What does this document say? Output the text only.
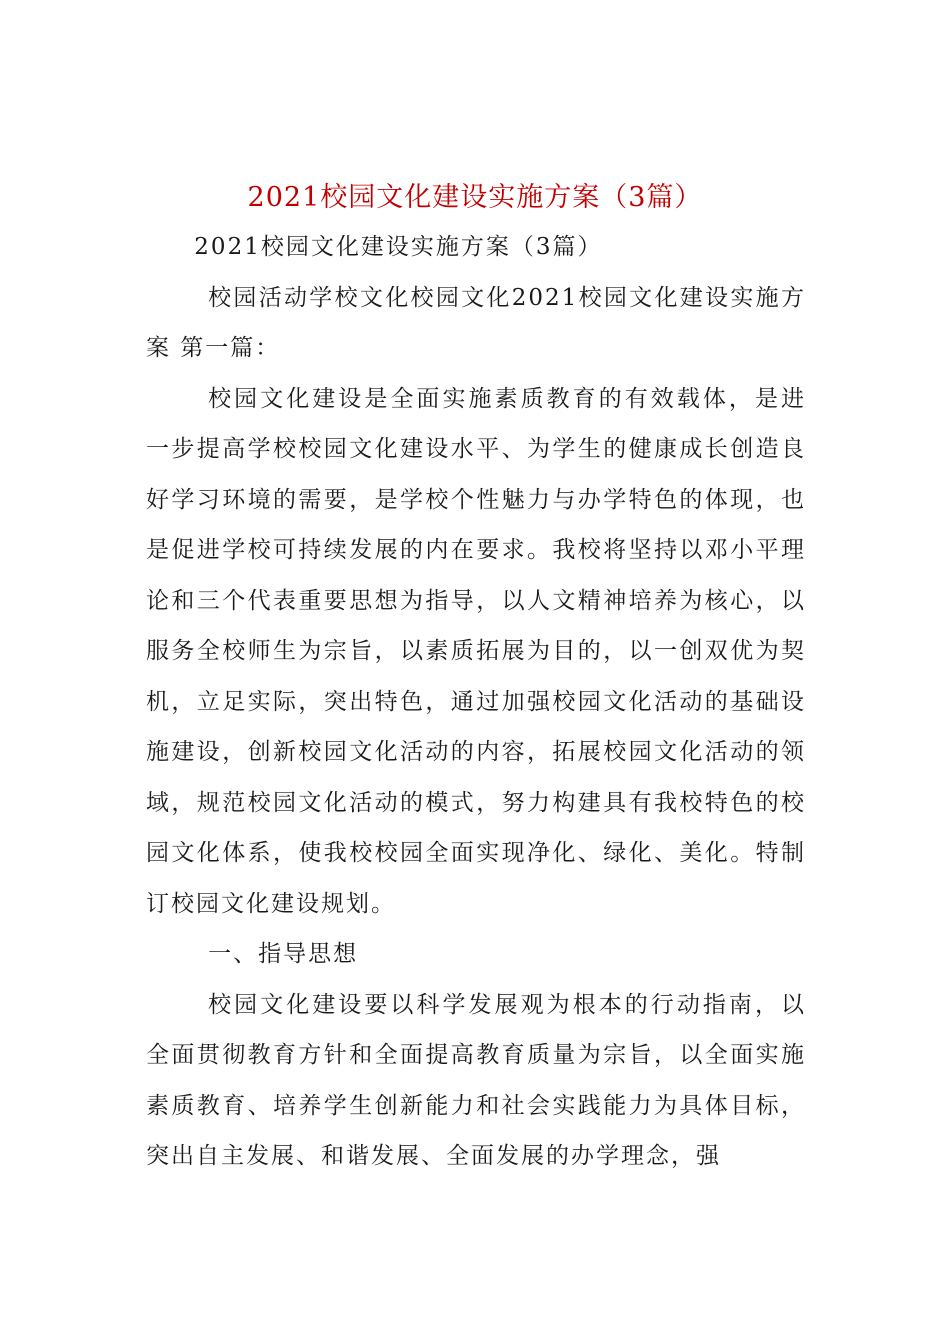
2021校园文化建设实施方案（3篇）

2021校园文化建设实施方案（3篇）

校园活动学校文化校园文化2021校园文化建设实施方案 第一篇：

校园文化建设是全面实施素质教育的有效载体，是进一步提高学校校园文化建设水平、为学生的健康成长创造良好学习环境的需要，是学校个性魅力与办学特色的体现，也是促进学校可持续发展的内在要求。我校将坚持以邓小平理论和三个代表重要思想为指导，以人文精神培养为核心，以服务全校师生为宗旨，以素质拓展为目的，以一创双优为契机，立足实际，突出特色，通过加强校园文化活动的基础设施建设，创新校园文化活动的内容，拓展校园文化活动的领域，规范校园文化活动的模式，努力构建具有我校特色的校园文化体系，使我校校园全面实现净化、绿化、美化。特制订校园文化建设规划。

一、指导思想

校园文化建设要以科学发展观为根本的行动指南，以全面贯彻教育方针和全面提高教育质量为宗旨，以全面实施素质教育、培养学生创新能力和社会实践能力为具体目标，突出自主发展、和谐发展、全面发展的办学理念，强
